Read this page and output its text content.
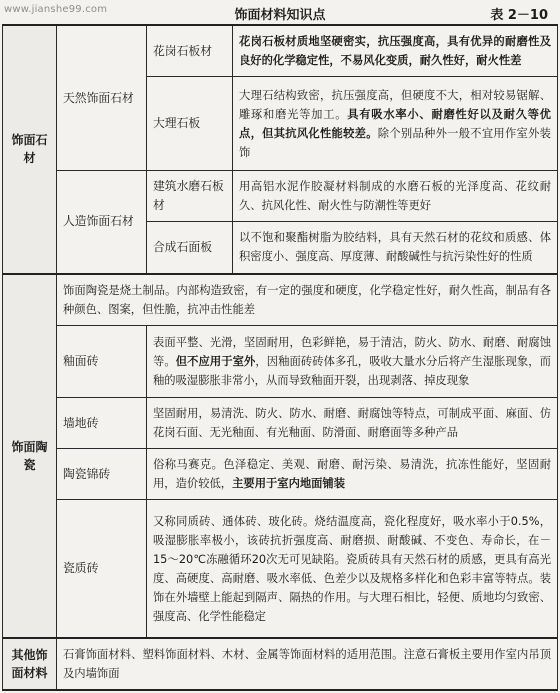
www.jianshe99.com	饰面材料知识点	表 2－10
饰面石材	天然饰面石材	花岗石板材	花岗石板材质地坚硬密实，抗压强度高，具有优异的耐磨性及良好的化学稳定性，不易风化变质，耐久性好，耐火性差
		大理石板	大理石结构致密，抗压强度高，但硬度不大，相对较易锯解、雕琢和磨光等加工。具有吸水率小、耐磨性好以及耐久等优点，但其抗风化性能较差。除个别品种外一般不宜用作室外装饰
	人造饰面石材	建筑水磨石板材	用高铝水泥作胶凝材料制成的水磨石板的光泽度高、花纹耐久、抗风化性、耐火性与防潮性等更好
		合成石面板	以不饱和聚酯树脂为胶结料，具有天然石材的花纹和质感、体积密度小、强度高、厚度薄、耐酸碱性与抗污染性好的性质
饰面陶瓷	饰面陶瓷是烧土制品。内部构造致密，有一定的强度和硬度，化学稳定性好，耐久性高，制品有各种颜色、图案，但性脆，抗冲击性能差		
	釉面砖	表面平整、光滑，坚固耐用，色彩鲜艳，易于清洁，防火、防水、耐磨、耐腐蚀等。但不应用于室外，因釉面砖砖体多孔，吸收大量水分后将产生湿胀现象，而釉的吸湿膨胀非常小，从而导致釉面开裂，出现剥落、掉皮现象	
	墙地砖	坚固耐用，易清洗、防火、防水、耐磨、耐腐蚀等特点，可制成平面、麻面、仿花岗石面、无光釉面、有光釉面、防滑面、耐磨面等多种产品	
	陶瓷锦砖	俗称马赛克。色泽稳定、美观、耐磨、耐污染、易清洗，抗冻性能好，坚固耐用，造价较低，主要用于室内地面铺装	
	瓷质砖	又称同质砖、通体砖、玻化砖。烧结温度高，瓷化程度好，吸水率小于0.5%，吸湿膨胀率极小，该砖抗折强度高、耐磨损、耐酸碱、不变色、寿命长，在－15～20℃冻融循环20次无可见缺陷。瓷质砖具有天然石材的质感，更具有高光度、高硬度、高耐磨、吸水率低、色差少以及规格多样化和色彩丰富等特点。装饰在外墙壁上能起到隔声、隔热的作用。与大理石相比，轻便、质地均匀致密、强度高、化学性能稳定	
其他饰面材料	石膏饰面材料、塑料饰面材料、木材、金属等饰面材料的适用范围。注意石膏板主要用作室内吊顶及内墙饰面		
